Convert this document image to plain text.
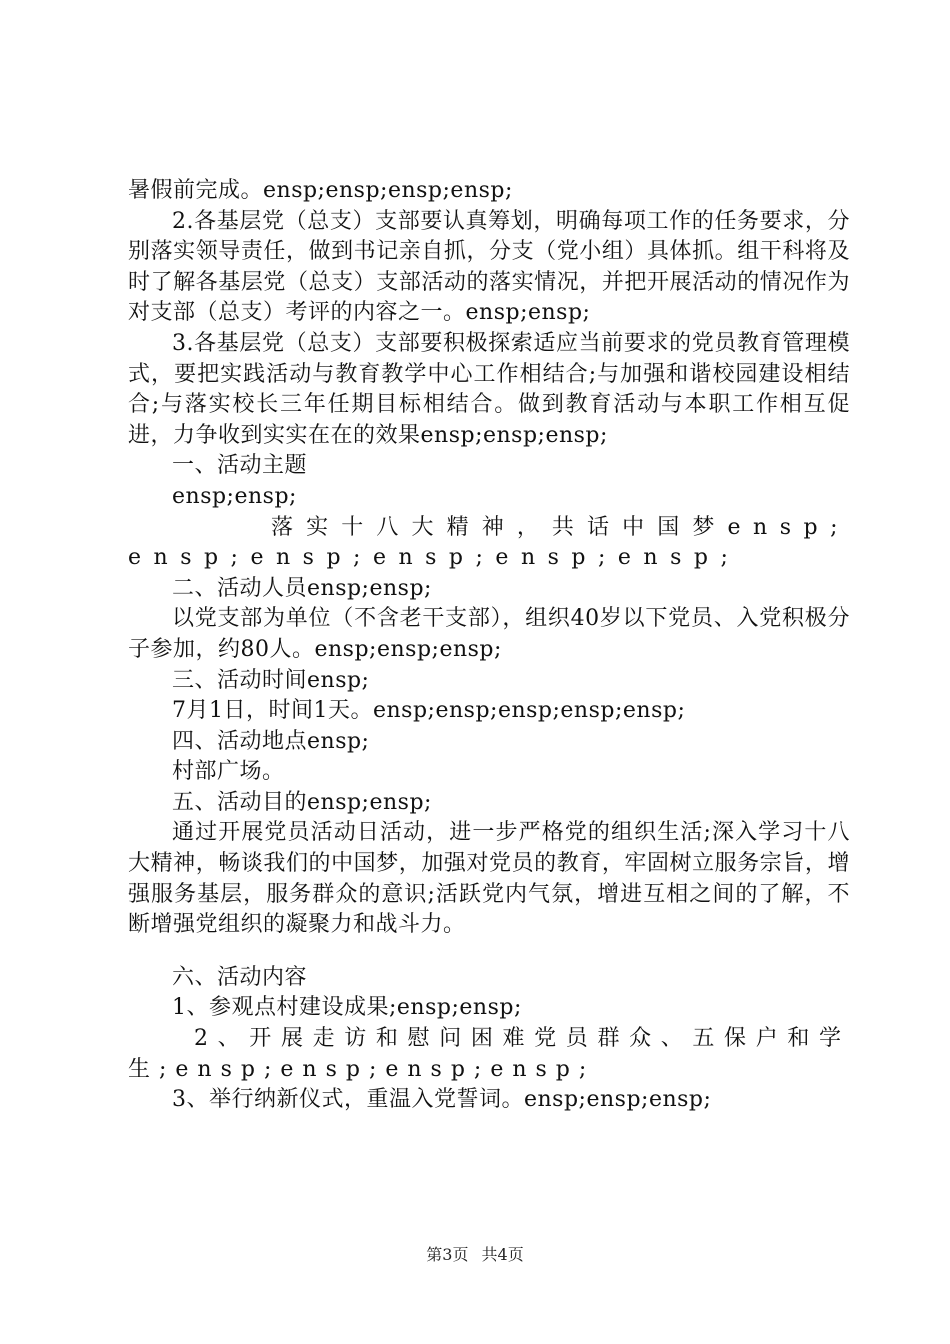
暑假前完成。ensp;ensp;ensp;ensp;

2.各基层党（总支）支部要认真筹划，明确每项工作的任务要求，分别落实领导责任，做到书记亲自抓，分支（党小组）具体抓。组干科将及时了解各基层党（总支）支部活动的落实情况，并把开展活动的情况作为对支部（总支）考评的内容之一。ensp;ensp;

3.各基层党（总支）支部要积极探索适应当前要求的党员教育管理模式，要把实践活动与教育教学中心工作相结合;与加强和谐校园建设相结合;与落实校长三年任期目标相结合。做到教育活动与本职工作相互促进，力争收到实实在在的效果ensp;ensp;ensp;

一、活动主题

ensp;ensp;

落实十八大精神，共话中国梦ensp;ensp;ensp;ensp;ensp;ensp;

二、活动人员ensp;ensp;

以党支部为单位（不含老干支部），组织40岁以下党员、入党积极分子参加，约80人。ensp;ensp;ensp;

三、活动时间ensp;

7月1日，时间1天。ensp;ensp;ensp;ensp;ensp;

四、活动地点ensp;

村部广场。

五、活动目的ensp;ensp;

通过开展党员活动日活动，进一步严格党的组织生活;深入学习十八大精神，畅谈我们的中国梦，加强对党员的教育，牢固树立服务宗旨，增强服务基层，服务群众的意识;活跃党内气氛，增进互相之间的了解，不断增强党组织的凝聚力和战斗力。

六、活动内容

1、参观点村建设成果;ensp;ensp;

2、开展走访和慰问困难党员群众、五保户和学生;ensp;ensp;ensp;ensp;

3、举行纳新仪式，重温入党誓词。ensp;ensp;ensp;

第3页 共4页
